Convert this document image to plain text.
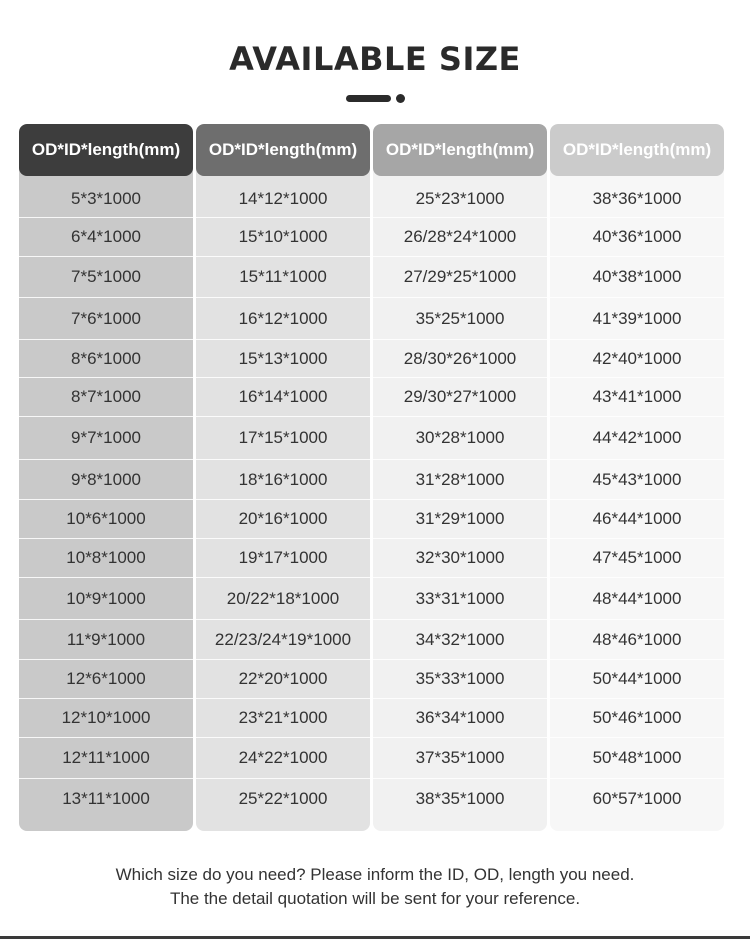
AVAILABLE SIZE
OD*ID*length(mm)
5*3*1000
6*4*1000
7*5*1000
7*6*1000
8*6*1000
8*7*1000
9*7*1000
9*8*1000
10*6*1000
10*8*1000
10*9*1000
11*9*1000
12*6*1000
12*10*1000
12*11*1000
13*11*1000
OD*ID*length(mm)
14*12*1000
15*10*1000
15*11*1000
16*12*1000
15*13*1000
16*14*1000
17*15*1000
18*16*1000
20*16*1000
19*17*1000
20/22*18*1000
22/23/24*19*1000
22*20*1000
23*21*1000
24*22*1000
25*22*1000
OD*ID*length(mm)
25*23*1000
26/28*24*1000
27/29*25*1000
35*25*1000
28/30*26*1000
29/30*27*1000
30*28*1000
31*28*1000
31*29*1000
32*30*1000
33*31*1000
34*32*1000
35*33*1000
36*34*1000
37*35*1000
38*35*1000
OD*ID*length(mm)
38*36*1000
40*36*1000
40*38*1000
41*39*1000
42*40*1000
43*41*1000
44*42*1000
45*43*1000
46*44*1000
47*45*1000
48*44*1000
48*46*1000
50*44*1000
50*46*1000
50*48*1000
60*57*1000
Which size do you need? Please inform the ID, OD, length you need.
The the detail quotation will be sent for your reference.
